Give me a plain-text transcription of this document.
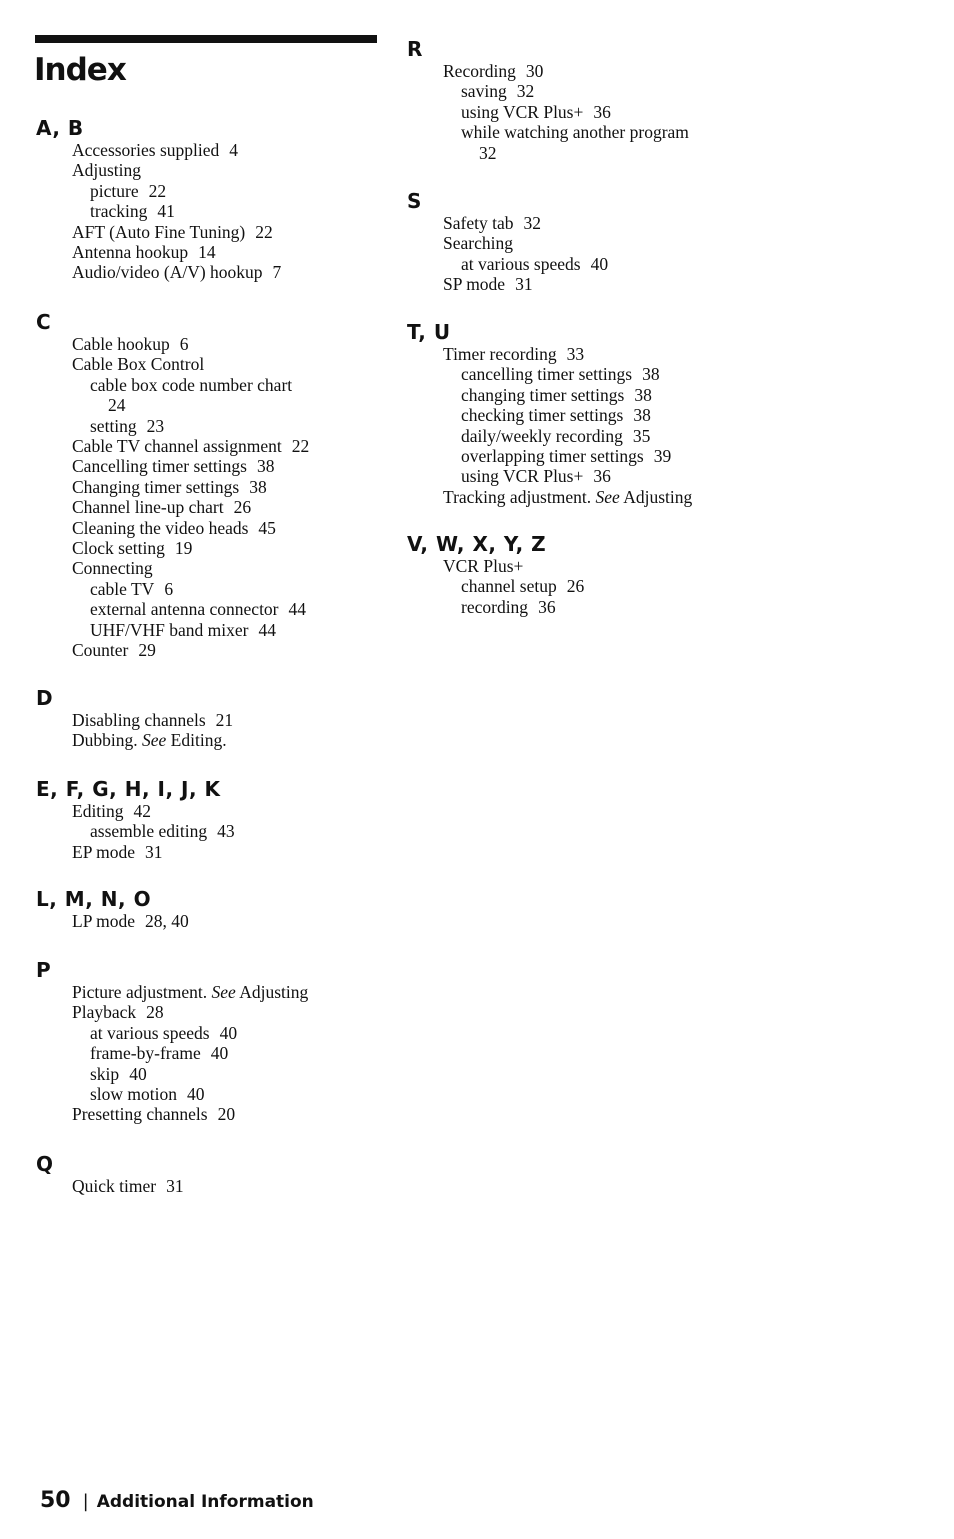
Index
A, B
Accessories supplied 4
Adjusting
picture 22
tracking 41
AFT (Auto Fine Tuning) 22
Antenna hookup 14
Audio/video (A/V) hookup 7
C
Cable hookup 6
Cable Box Control
cable box code number chart
24
setting 23
Cable TV channel assignment 22
Cancelling timer settings 38
Changing timer settings 38
Channel line-up chart 26
Cleaning the video heads 45
Clock setting 19
Connecting
cable TV 6
external antenna connector 44
UHF/VHF band mixer 44
Counter 29
D
Disabling channels 21
Dubbing. See Editing.
E, F, G, H, I, J, K
Editing 42
assemble editing 43
EP mode 31
L, M, N, O
LP mode 28, 40
P
Picture adjustment. See Adjusting
Playback 28
at various speeds 40
frame-by-frame 40
skip 40
slow motion 40
Presetting channels 20
Q
Quick timer 31
R
Recording 30
saving 32
using VCR Plus+ 36
while watching another program
32
S
Safety tab 32
Searching
at various speeds 40
SP mode 31
T, U
Timer recording 33
cancelling timer settings 38
changing timer settings 38
checking timer settings 38
daily/weekly recording 35
overlapping timer settings 39
using VCR Plus+ 36
Tracking adjustment. See Adjusting
V, W, X, Y, Z
VCR Plus+
channel setup 26
recording 36
50 | Additional Information
